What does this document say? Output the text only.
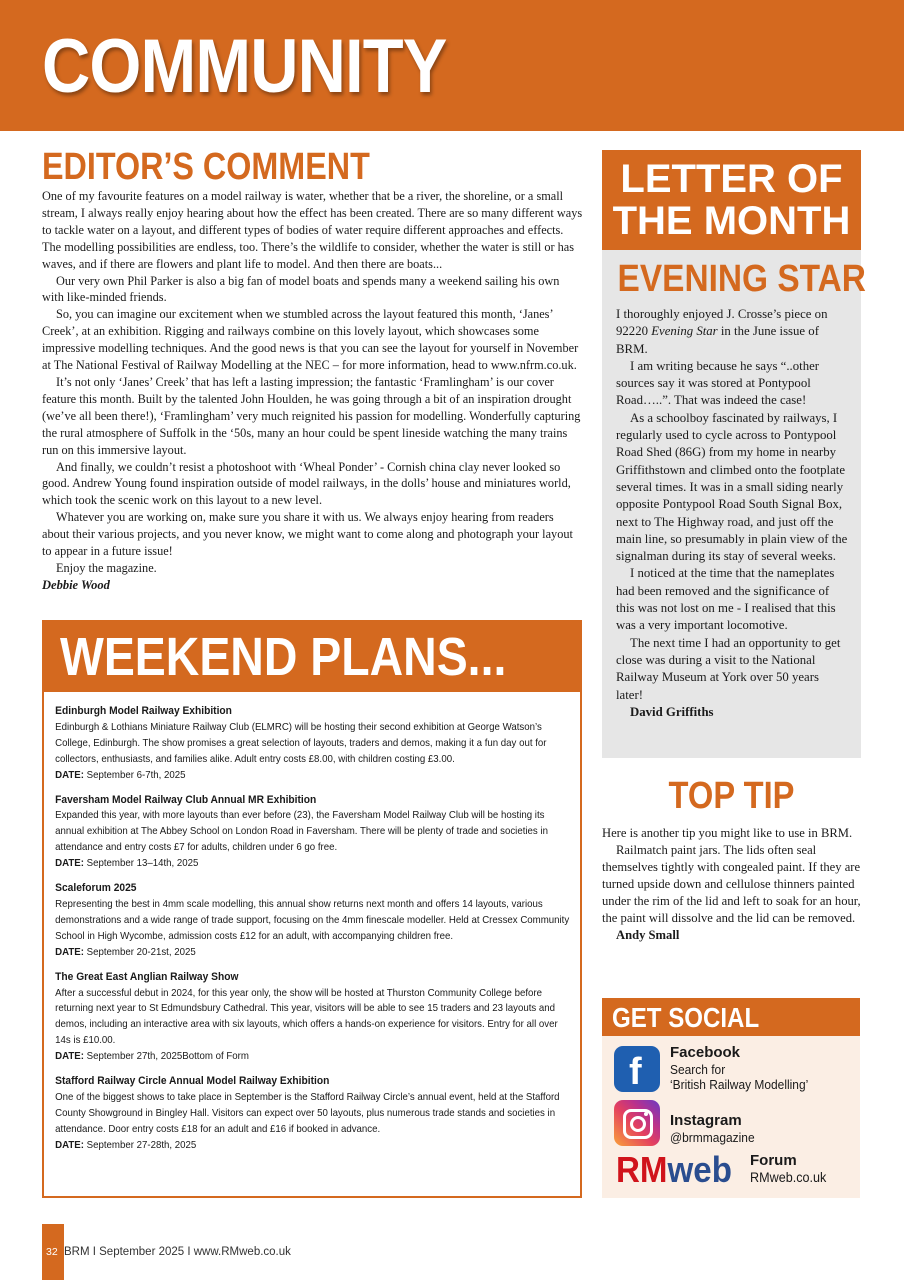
COMMUNITY
EDITOR’S COMMENT

One of my favourite features on a model railway is water, whether that be a river, the shoreline, or a small stream, I always really enjoy hearing about how the effect has been created. There are so many different ways to tackle water on a layout, and different types of bodies of water require different approaches and effects. The modelling possibilities are endless, too. There’s the wildlife to consider, whether the water is still or has waves, and if there are flowers and plant life to model. And then there are boats...

Our very own Phil Parker is also a big fan of model boats and spends many a weekend sailing his own with like-minded friends.

So, you can imagine our excitement when we stumbled across the layout featured this month, ‘Janes’ Creek’, at an exhibition. Rigging and railways combine on this lovely layout, which showcases some impressive modelling techniques. And the good news is that you can see the layout for yourself in November at The National Festival of Railway Modelling at the NEC – for more information, head to www.nfrm.co.uk.

It’s not only ‘Janes’ Creek’ that has left a lasting impression; the fantastic ‘Framlingham’ is our cover feature this month. Built by the talented John Houlden, he was going through a bit of an inspiration drought (we’ve all been there!), ‘Framlingham’ very much reignited his passion for modelling. Wonderfully capturing the rural atmosphere of Suffolk in the ‘50s, many an hour could be spent lineside watching the many trains run on this immersive layout.

And finally, we couldn’t resist a photoshoot with ‘Wheal Ponder’ - Cornish china clay never looked so good. Andrew Young found inspiration outside of model railways, in the dolls’ house and miniatures world, which took the scenic work on this layout to a new level.

Whatever you are working on, make sure you share it with us. We always enjoy hearing from readers about their various projects, and you never know, we might want to come along and photograph your layout to appear in a future issue!

Enjoy the magazine.

Debbie Wood

WEEKEND PLANS...
Edinburgh Model Railway Exhibition
Edinburgh & Lothians Miniature Railway Club (ELMRC) will be hosting their second exhibition at George Watson’s College, Edinburgh. The show promises a great selection of layouts, traders and demos, making it a fun day out for collectors, enthusiasts, and families alike. Adult entry costs £8.00, with children costing £3.00.
DATE: September 6-7th, 2025
Faversham Model Railway Club Annual MR Exhibition
Expanded this year, with more layouts than ever before (23), the Faversham Model Railway Club will be hosting its annual exhibition at The Abbey School on London Road in Faversham. There will be plenty of trade and societies in attendance and entry costs £7 for adults, children under 6 go free.
DATE: September 13–14th, 2025
Scaleforum 2025
Representing the best in 4mm scale modelling, this annual show returns next month and offers 14 layouts, various demonstrations and a wide range of trade support, focusing on the 4mm finescale modeller. Held at Cressex Community School in High Wycombe, admission costs £12 for an adult, with accompanying children free.
DATE: September 20-21st, 2025
The Great East Anglian Railway Show
After a successful debut in 2024, for this year only, the show will be hosted at Thurston Community College before returning next year to St Edmundsbury Cathedral. This year, visitors will be able to see 15 traders and 23 layouts and demos, including an interactive area with six layouts, which offers a hands-on experience for visitors. Entry for all over 14s is £10.00.
DATE: September 27th, 2025Bottom of Form
Stafford Railway Circle Annual Model Railway Exhibition
One of the biggest shows to take place in September is the Stafford Railway Circle’s annual event, held at the Stafford County Showground in Bingley Hall. Visitors can expect over 50 layouts, plus numerous trade stands and societies in attendance. Door entry costs £18 for an adult and £16 if booked in advance.
DATE: September 27-28th, 2025
LETTER OF
THE MONTH
EVENING STAR

I thoroughly enjoyed J. Crosse’s piece on 92220 Evening Star in the June issue of BRM.

I am writing because he says “..other sources say it was stored at Pontypool Road…..”. That was indeed the case!

As a schoolboy fascinated by railways, I regularly used to cycle across to Pontypool Road Shed (86G) from my home in nearby Griffithstown and climbed onto the footplate several times. It was in a small siding nearly opposite Pontypool Road South Signal Box, next to The Highway road, and just off the main line, so presumably in plain view of the signalman during its stay of several weeks.

I noticed at the time that the nameplates had been removed and the significance of this was not lost on me - I realised that this was a very important locomotive.

The next time I had an opportunity to get close was during a visit to the National Railway Museum at York over 50 years later!

David Griffiths

TOP TIP

Here is another tip you might like to use in BRM.

Railmatch paint jars. The lids often seal themselves tightly with congealed paint. If they are turned upside down and cellulose thinners painted under the rim of the lid and left to soak for an hour, the paint will dissolve and the lid can be removed.

Andy Small

GET SOCIAL
f Facebook
Search for
‘British Railway Modelling’
Instagram
@brmmagazine
RMweb Forum
RMweb.co.uk
32 BRM I September 2025 I www.RMweb.co.uk
